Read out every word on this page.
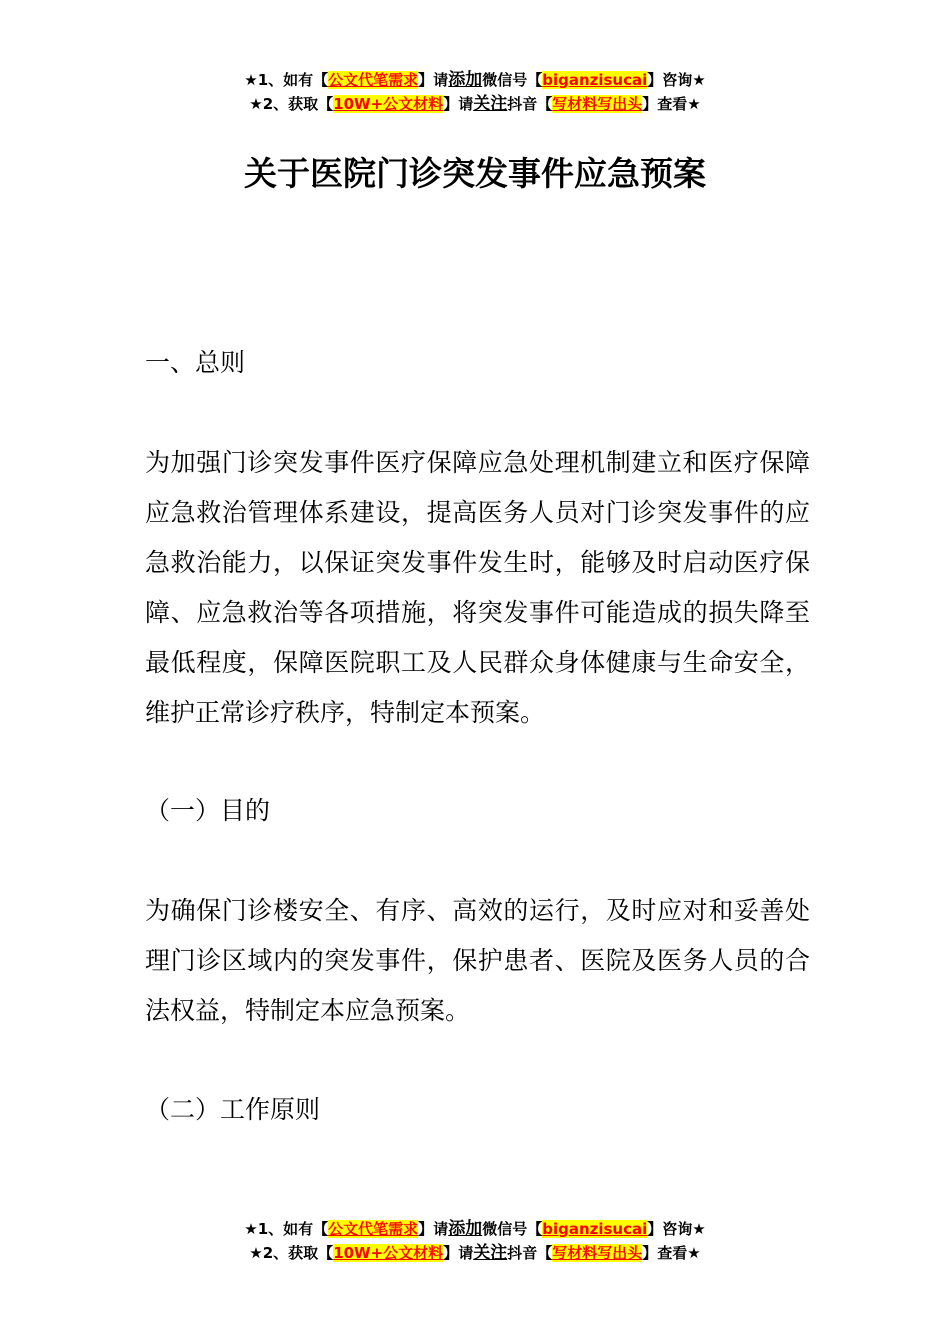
★1、如有【公文代笔需求】请添加微信号【biganzisucai】咨询★
★2、获取【10W+公文材料】请关注抖音【写材料写出头】查看★
关于医院门诊突发事件应急预案

一、总则

为加强门诊突发事件医疗保障应急处理机制建立和医疗保障应急救治管理体系建设，提高医务人员对门诊突发事件的应急救治能力，以保证突发事件发生时，能够及时启动医疗保障、应急救治等各项措施，将突发事件可能造成的损失降至最低程度，保障医院职工及人民群众身体健康与生命安全，维护正常诊疗秩序，特制定本预案。

（一）目的

为确保门诊楼安全、有序、高效的运行，及时应对和妥善处理门诊区域内的突发事件，保护患者、医院及医务人员的合法权益，特制定本应急预案。

（二）工作原则

★1、如有【公文代笔需求】请添加微信号【biganzisucai】咨询★
★2、获取【10W+公文材料】请关注抖音【写材料写出头】查看★
